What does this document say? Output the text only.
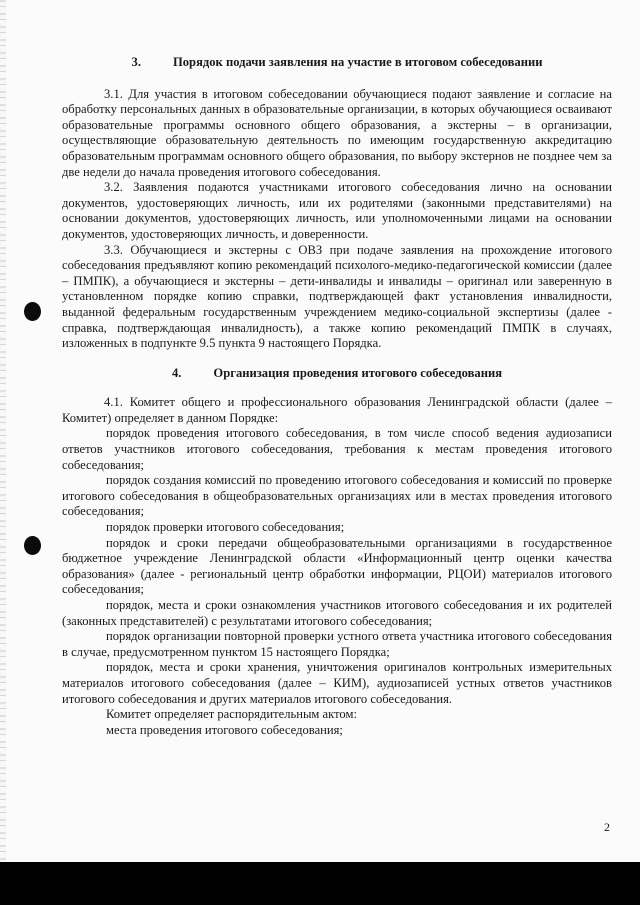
3.	Порядок подачи заявления на участие в итоговом собеседовании

3.1. Для участия в итоговом собеседовании обучающиеся подают заявление и согласие на обработку персональных данных в образовательные организации, в которых обучающиеся осваивают образовательные программы основного общего образования, а экстерны – в организации, осуществляющие образовательную деятельность по имеющим государственную аккредитацию образовательным программам основного общего образования, по выбору экстернов не позднее чем за две недели до начала проведения итогового собеседования.

3.2. Заявления подаются участниками итогового собеседования лично на основании документов, удостоверяющих личность, или их родителями (законными представителями) на основании документов, удостоверяющих личность, или уполномоченными лицами на основании документов, удостоверяющих личность, и доверенности.

3.3. Обучающиеся и экстерны с ОВЗ при подаче заявления на прохождение итогового собеседования предъявляют копию рекомендаций психолого-медико-педагогической комиссии (далее – ПМПК), а обучающиеся и экстерны – дети-инвалиды и инвалиды – оригинал или заверенную в установленном порядке копию справки, подтверждающей факт установления инвалидности, выданной федеральным государственным учреждением медико-социальной экспертизы (далее - справка, подтверждающая инвалидность), а также копию рекомендаций ПМПК в случаях, изложенных в подпункте 9.5 пункта 9 настоящего Порядка.

4.	Организация проведения итогового собеседования

4.1. Комитет общего и профессионального образования Ленинградской области (далее – Комитет) определяет в данном Порядке:

порядок проведения итогового собеседования, в том числе способ ведения аудиозаписи ответов участников итогового собеседования, требования к местам проведения итогового собеседования;

порядок создания комиссий по проведению итогового собеседования и комиссий по проверке итогового собеседования в общеобразовательных организациях или в местах проведения итогового собеседования;

порядок проверки итогового собеседования;

порядок и сроки передачи общеобразовательными организациями в государственное бюджетное учреждение Ленинградской области «Информационный центр оценки качества образования» (далее - региональный центр обработки информации, РЦОИ) материалов итогового собеседования;

порядок, места и сроки ознакомления участников итогового собеседования и их родителей (законных представителей) с результатами итогового собеседования;

порядок организации повторной проверки устного ответа участника итогового собеседования в случае, предусмотренном пунктом 15 настоящего Порядка;

порядок, места и сроки хранения, уничтожения оригиналов контрольных измерительных материалов итогового собеседования (далее – КИМ), аудиозаписей устных ответов участников итогового собеседования и других материалов итогового собеседования.

Комитет определяет распорядительным актом:

места проведения итогового собеседования;

2
